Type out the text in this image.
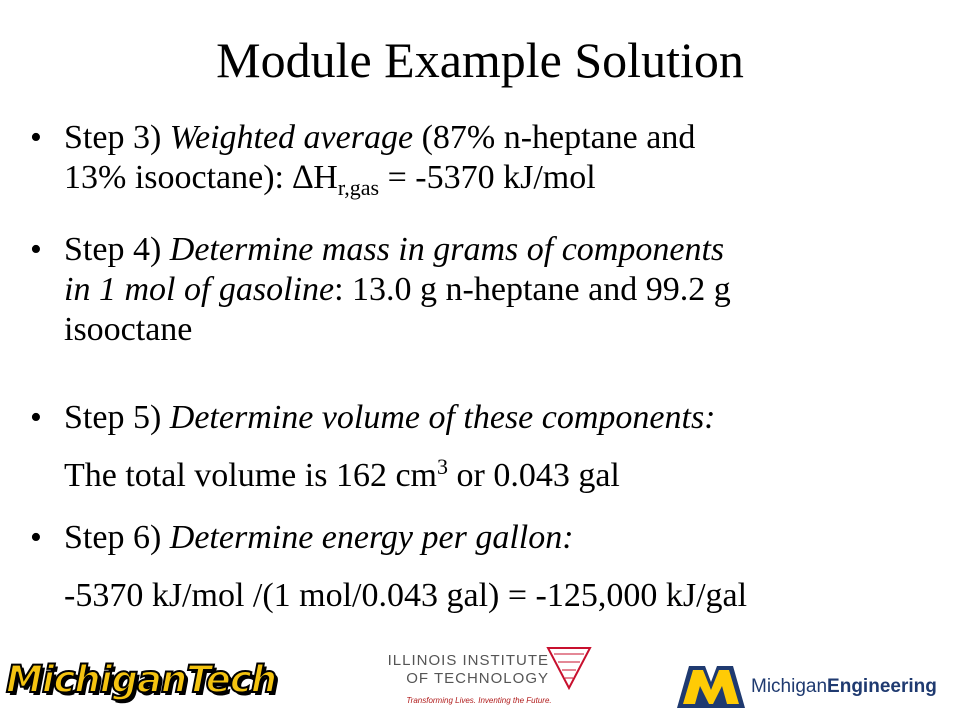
Module Example Solution
• Step 3) Weighted average (87% n-heptane and
13% isooctane): $\Delta H_{r,gas} = -5370$ kJ/mol
• Step 4) Determine mass in grams of components
in 1 mol of gasoline: 13.0 g n-heptane and 99.2 g
isooctane
• Step 5) Determine volume of these components:
The total volume is 162 $cm^3$ or 0.043 gal
• Step 6) Determine energy per gallon:
-5370 kJ/mol /(1 mol/0.043 gal) = -125,000 kJ/gal
MichiganTech	ILLINOIS INSTITUTE
OF TECHNOLOGY
Transforming Lives. Inventing the Future.
MichiganEngineering
